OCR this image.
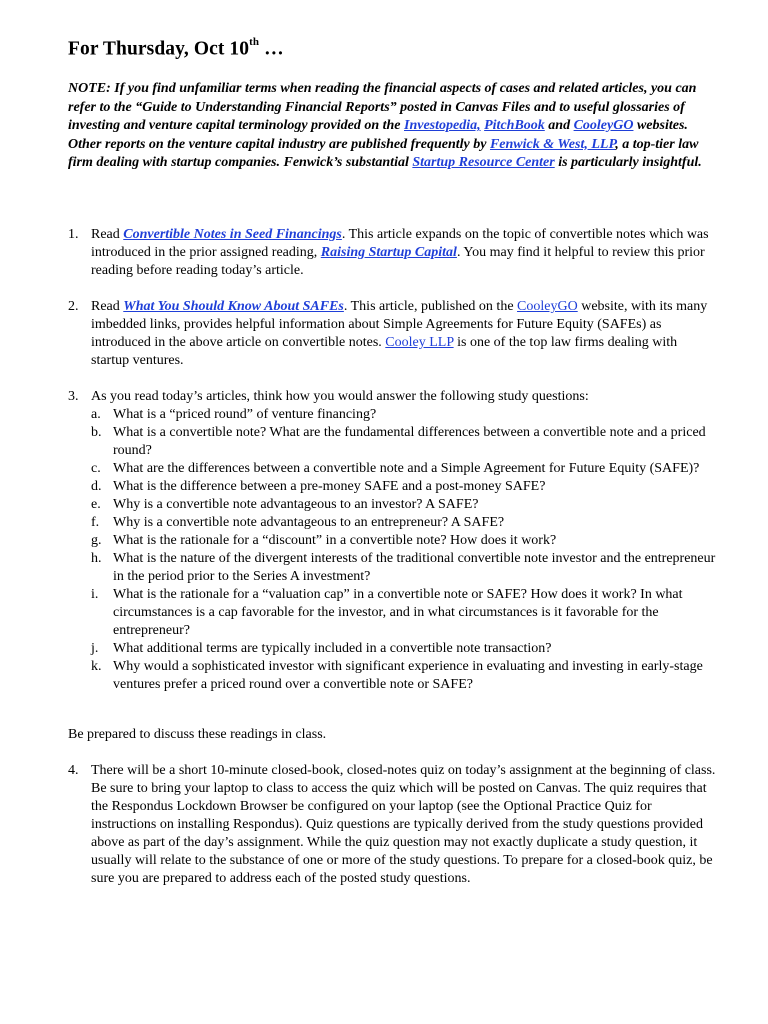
For Thursday, Oct 10th …
NOTE: If you find unfamiliar terms when reading the financial aspects of cases and related articles, you can refer to the “Guide to Understanding Financial Reports” posted in Canvas Files and to useful glossaries of investing and venture capital terminology provided on the Investopedia, PitchBook and CooleyGO websites. Other reports on the venture capital industry are published frequently by Fenwick & West, LLP, a top-tier law firm dealing with startup companies. Fenwick’s substantial Startup Resource Center is particularly insightful.
1. Read Convertible Notes in Seed Financings. This article expands on the topic of convertible notes which was introduced in the prior assigned reading, Raising Startup Capital. You may find it helpful to review this prior reading before reading today’s article.
2. Read What You Should Know About SAFEs. This article, published on the CooleyGO website, with its many imbedded links, provides helpful information about Simple Agreements for Future Equity (SAFEs) as introduced in the above article on convertible notes. Cooley LLP is one of the top law firms dealing with startup ventures.
3. As you read today’s articles, think how you would answer the following study questions:
a. What is a “priced round” of venture financing?
b. What is a convertible note? What are the fundamental differences between a convertible note and a priced round?
c. What are the differences between a convertible note and a Simple Agreement for Future Equity (SAFE)?
d. What is the difference between a pre-money SAFE and a post-money SAFE?
e. Why is a convertible note advantageous to an investor? A SAFE?
f. Why is a convertible note advantageous to an entrepreneur? A SAFE?
g. What is the rationale for a “discount” in a convertible note? How does it work?
h. What is the nature of the divergent interests of the traditional convertible note investor and the entrepreneur in the period prior to the Series A investment?
i. What is the rationale for a “valuation cap” in a convertible note or SAFE? How does it work? In what circumstances is a cap favorable for the investor, and in what circumstances is it favorable for the entrepreneur?
j. What additional terms are typically included in a convertible note transaction?
k. Why would a sophisticated investor with significant experience in evaluating and investing in early-stage ventures prefer a priced round over a convertible note or SAFE?
Be prepared to discuss these readings in class.
4. There will be a short 10-minute closed-book, closed-notes quiz on today’s assignment at the beginning of class. Be sure to bring your laptop to class to access the quiz which will be posted on Canvas. The quiz requires that the Respondus Lockdown Browser be configured on your laptop (see the Optional Practice Quiz for instructions on installing Respondus). Quiz questions are typically derived from the study questions provided above as part of the day’s assignment. While the quiz question may not exactly duplicate a study question, it usually will relate to the substance of one or more of the study questions. To prepare for a closed-book quiz, be sure you are prepared to address each of the posted study questions.
